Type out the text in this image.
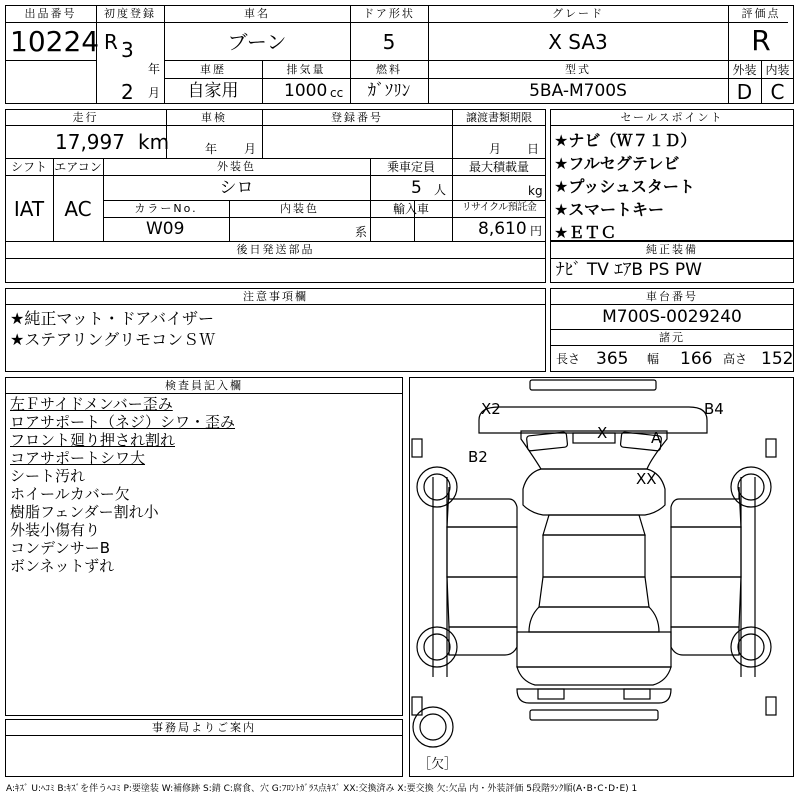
出品番号
10224
初度登録
R 3
年
2 月
車名
ブーン
ドア形状
5
グレード
X SA3
評価点
R
車歴
自家用
排気量
1000 cc
燃料
ｶﾞｿﾘﾝ
型式
5BA-M700S
外装 内装
D C
走行
17,997 km
車検
年 月
登録番号	譲渡書類期限
月 日
シフト
IAT
エアコン
AC
外装色
シロ
乗車定員
5 人
最大積載量
kg
カラーNo.
W09
内装色
系
輸入車	リサイクル預託金
8,610 円
後日発送部品
セールスポイント
★ナビ（Ｗ７１Ｄ）
★フルセグテレビ
★プッシュスタート
★スマートキー
★ＥＴＣ
純正装備
ﾅﾋﾞ TV ｴｱB PS PW
注意事項欄
★純正マット・ドアバイザー
★ステアリングリモコンＳＷ
車台番号
M700S-0029240
諸元
長さ 365 幅 166 高さ 152
検査員記入欄
左Ｆサイドメンバー歪み
ロアサポート（ネジ）シワ・歪み
フロント廻り押され割れ
コアサポートシワ大
シート汚れ
ホイールカバー欠
樹脂フェンダー割れ小
外装小傷有り
コンデンサーB
ボンネットずれ
事務局よりご案内
X2	B4
X	A
B2
XX
［欠］
A:ｷｽﾞ U:ﾍｺﾐ B:ｷｽﾞを伴うﾍｺﾐ P:要塗装 W:補修跡 S:錆 C:腐食、穴 G:ﾌﾛﾝﾄｶﾞﾗｽ点ｷｽﾞ XX:交換済み X:要交換 欠:欠品 内・外装評価 5段階ﾗﾝｸ順(A･B･C･D･E) 1
